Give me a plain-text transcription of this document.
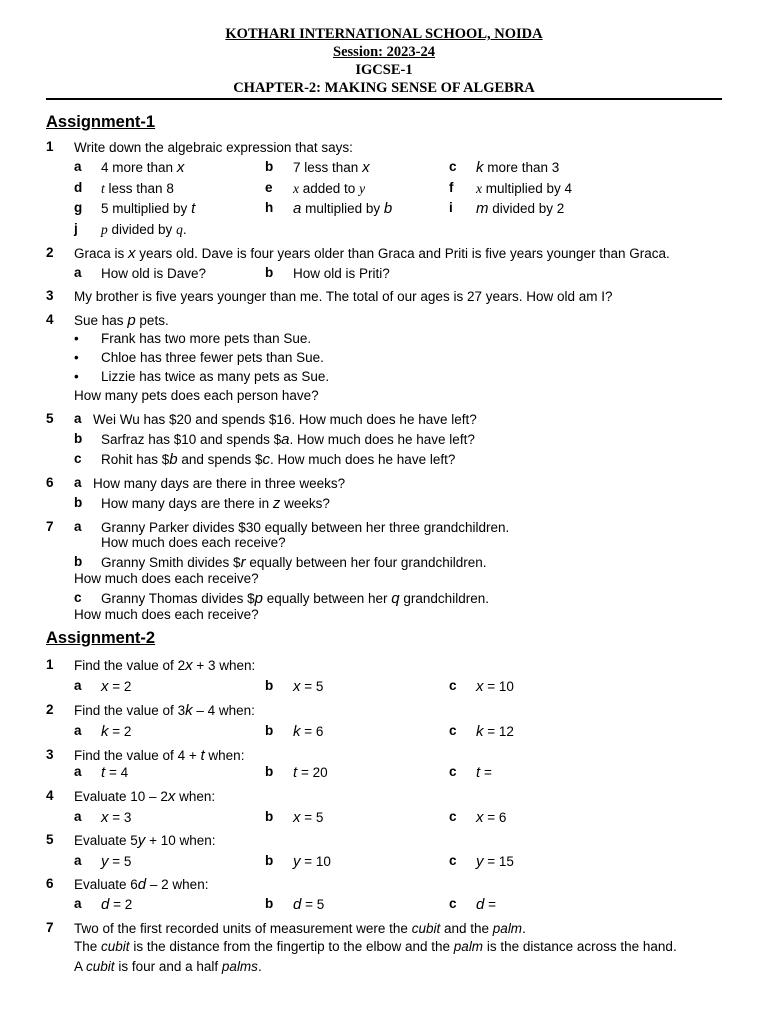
KOTHARI INTERNATIONAL SCHOOL, NOIDA
Session: 2023-24
IGCSE-1
CHAPTER-2: MAKING SENSE OF ALGEBRA
Assignment-1
1 Write down the algebraic expression that says:
a 4 more than x	b 7 less than x	c k more than 3
d t less than 8	e x added to y	f x multiplied by 4
g 5 multiplied by t	h a multiplied by b	i m divided by 2
j p divided by q.
2 Graca is x years old. Dave is four years older than Graca and Priti is five years younger than Graca.
a How old is Dave?	b How old is Priti?
3 My brother is five years younger than me. The total of our ages is 27 years. How old am I?
4 Sue has p pets.
• Frank has two more pets than Sue.
• Chloe has three fewer pets than Sue.
• Lizzie has twice as many pets as Sue.
How many pets does each person have?
5 a Wei Wu has $20 and spends $16. How much does he have left?
b Sarfraz has $10 and spends $a. How much does he have left?
c Rohit has $b and spends $c. How much does he have left?
6 a How many days are there in three weeks?
b How many days are there in z weeks?
7 a Granny Parker divides $30 equally between her three grandchildren.
How much does each receive?
b Granny Smith divides $r equally between her four grandchildren.
How much does each receive?
c Granny Thomas divides $p equally between her q grandchildren.
How much does each receive?
Assignment-2
1 Find the value of 2x + 3 when:
a x = 2	b x = 5	c x = 10
2 Find the value of 3k – 4 when:
a k = 2	b k = 6	c k = 12
3 Find the value of 4 + t when:
a t = 4	b t = 20	c t =
4 Evaluate 10 – 2x when:
a x = 3	b x = 5	c x = 6
5 Evaluate 5y + 10 when:
a y = 5	b y = 10	c y = 15
6 Evaluate 6d – 2 when:
a d = 2	b d = 5	c d =
7 Two of the first recorded units of measurement were the cubit and the palm.
The cubit is the distance from the fingertip to the elbow and the palm is the distance across the hand.
A cubit is four and a half palms.
